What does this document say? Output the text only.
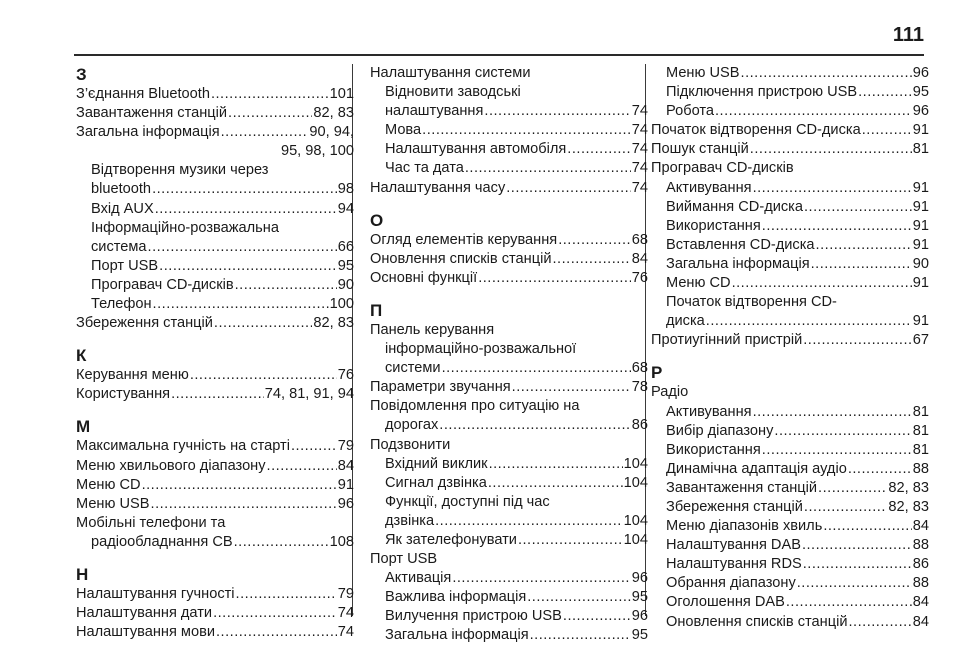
111
З
З’єднання Bluetooth .....	101
Завантаження станцій .....	82, 83
Загальна інформація .....	90, 94,
95, 98, 100
Відтворення музики через
bluetooth .....	98
Вхід AUX .....	94
Інформаційно-розважальна
система .....	66
Порт USB .....	95
Програвач CD-дисків .....	90
Телефон .....	100
Збереження станцій .....	82, 83
К
Керування меню .....	76
Користування .....	74, 81, 91, 94
М
Максимальна гучність на старті .....	79
Меню хвильового діапазону .....	84
Меню CD .....	91
Меню USB .....	96
Мобільні телефони та
радіообладнання CB .....	108
Н
Налаштування гучності .....	79
Налаштування дати .....	74
Налаштування мови .....	74
Налаштування системи
Відновити заводські
налаштування .....	74
Мова .....	74
Налаштування автомобіля .....	74
Час та дата .....	74
Налаштування часу .....	74
О
Огляд елементів керування .....	68
Оновлення списків станцій .....	84
Основні функції .....	76
П
Панель керування
інформаційно-розважальної
системи .....	68
Параметри звучання .....	78
Повідомлення про ситуацію на
дорогах .....	86
Подзвонити
Вхідний виклик .....	104
Сигнал дзвінка .....	104
Функції, доступні під час
дзвінка .....	104
Як зателефонувати .....	104
Порт USB
Активація .....	96
Важлива інформація .....	95
Вилучення пристрою USB .....	96
Загальна інформація .....	95
Меню USB .....	96
Підключення пристрою USB .....	95
Робота .....	96
Початок відтворення CD-диска .....	91
Пошук станцій .....	81
Програвач CD-дисків
Активування .....	91
Виймання CD-диска .....	91
Використання .....	91
Вставлення CD-диска .....	91
Загальна інформація .....	90
Меню CD .....	91
Початок відтворення CD-
диска .....	91
Протиугінний пристрій .....	67
Р
Радіо
Активування .....	81
Вибір діапазону .....	81
Використання .....	81
Динамічна адаптація аудіо .....	88
Завантаження станцій .....	82, 83
Збереження станцій .....	82, 83
Меню діапазонів хвиль .....	84
Налаштування DAB .....	88
Налаштування RDS .....	86
Обрання діапазону .....	88
Оголошення DAB .....	84
Оновлення списків станцій .....	84
